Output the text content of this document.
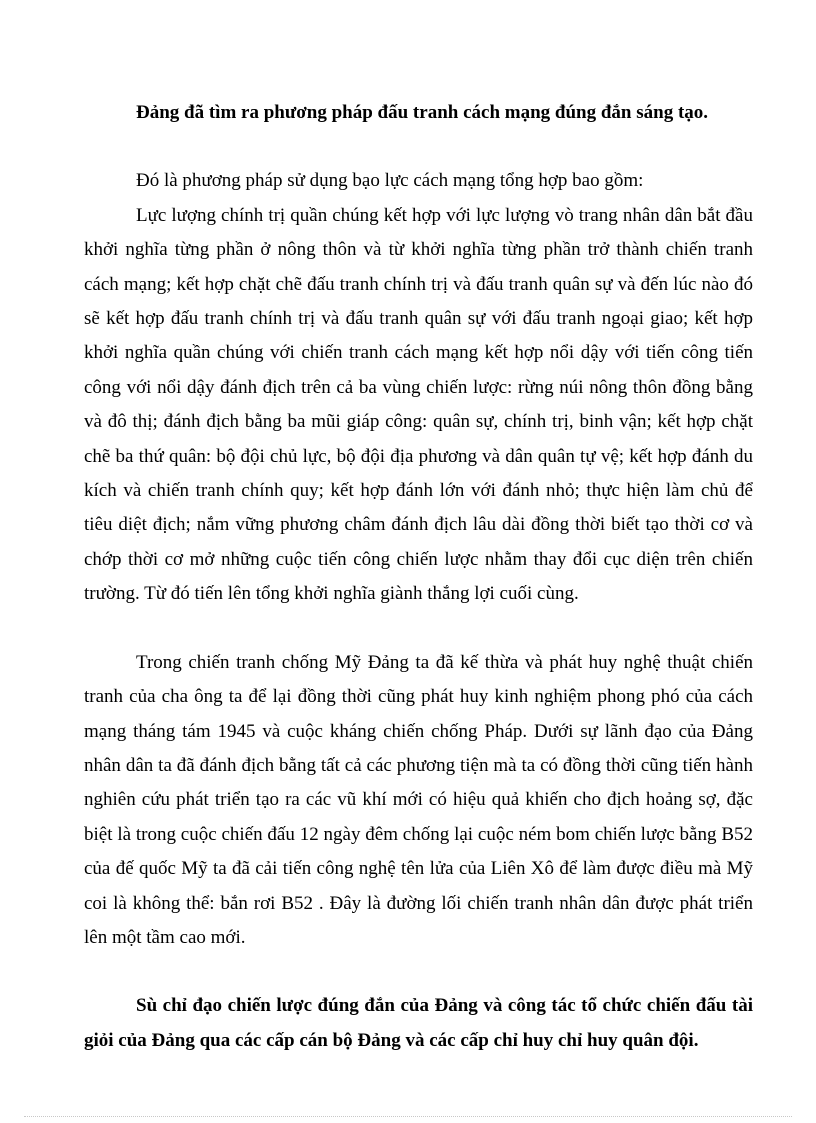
Đảng đã tìm ra phương pháp đấu tranh cách mạng đúng đắn sáng tạo.
Đó là phương pháp sử dụng bạo lực cách mạng tổng hợp bao gồm:
Lực lượng chính trị quần chúng kết hợp với lực lượng vò trang nhân dân bắt đầu khởi nghĩa từng phần ở nông thôn và từ khởi nghĩa từng phần trở thành chiến tranh cách mạng; kết hợp chặt chẽ đấu tranh chính trị và đấu tranh quân sự và đến lúc nào đó sẽ kết hợp đấu tranh chính trị và đấu tranh quân sự với đấu tranh ngoại giao; kết hợp khởi nghĩa quần chúng với chiến tranh cách mạng kết hợp nổi dậy với tiến công tiến công với nổi dậy đánh địch trên cả ba vùng chiến lược: rừng núi nông thôn đồng bằng và đô thị; đánh địch bằng ba mũi giáp công: quân sự, chính trị, binh vận; kết hợp chặt chẽ ba thứ quân: bộ đội chủ lực, bộ đội địa phương và dân quân tự vệ; kết hợp đánh du kích và chiến tranh chính quy; kết hợp đánh lớn với đánh nhỏ; thực hiện làm chủ để tiêu diệt địch; nắm vững phương châm đánh địch lâu dài đồng thời biết tạo thời cơ và chớp thời cơ mở những cuộc tiến công chiến lược nhằm thay đổi cục diện trên chiến trường. Từ đó tiến lên tổng khởi nghĩa giành thắng lợi cuối cùng.
Trong chiến tranh chống Mỹ Đảng ta đã kế thừa và phát huy nghệ thuật chiến tranh của cha ông ta để lại đồng thời cũng phát huy kinh nghiệm phong phó của cách mạng tháng tám 1945 và cuộc kháng chiến chống Pháp. Dưới sự lãnh đạo của Đảng nhân dân ta đã đánh địch bằng tất cả các phương tiện mà ta có đồng thời cũng tiến hành nghiên cứu phát triển tạo ra các vũ khí mới có hiệu quả khiến cho địch hoảng sợ, đặc biệt là trong cuộc chiến đấu 12 ngày đêm chống lại cuộc ném bom chiến lược bằng B52 của đế quốc Mỹ ta đã cải tiến công nghệ tên lửa của Liên Xô để làm được điều mà Mỹ coi là không thể: bắn rơi B52 . Đây là đường lối chiến tranh nhân dân được phát triển lên một tầm cao mới.
Sù chỉ đạo chiến lược đúng đắn của Đảng và công tác tổ chức chiến đấu tài giỏi của Đảng qua các cấp cán bộ Đảng và các cấp chỉ huy chỉ huy quân đội.
